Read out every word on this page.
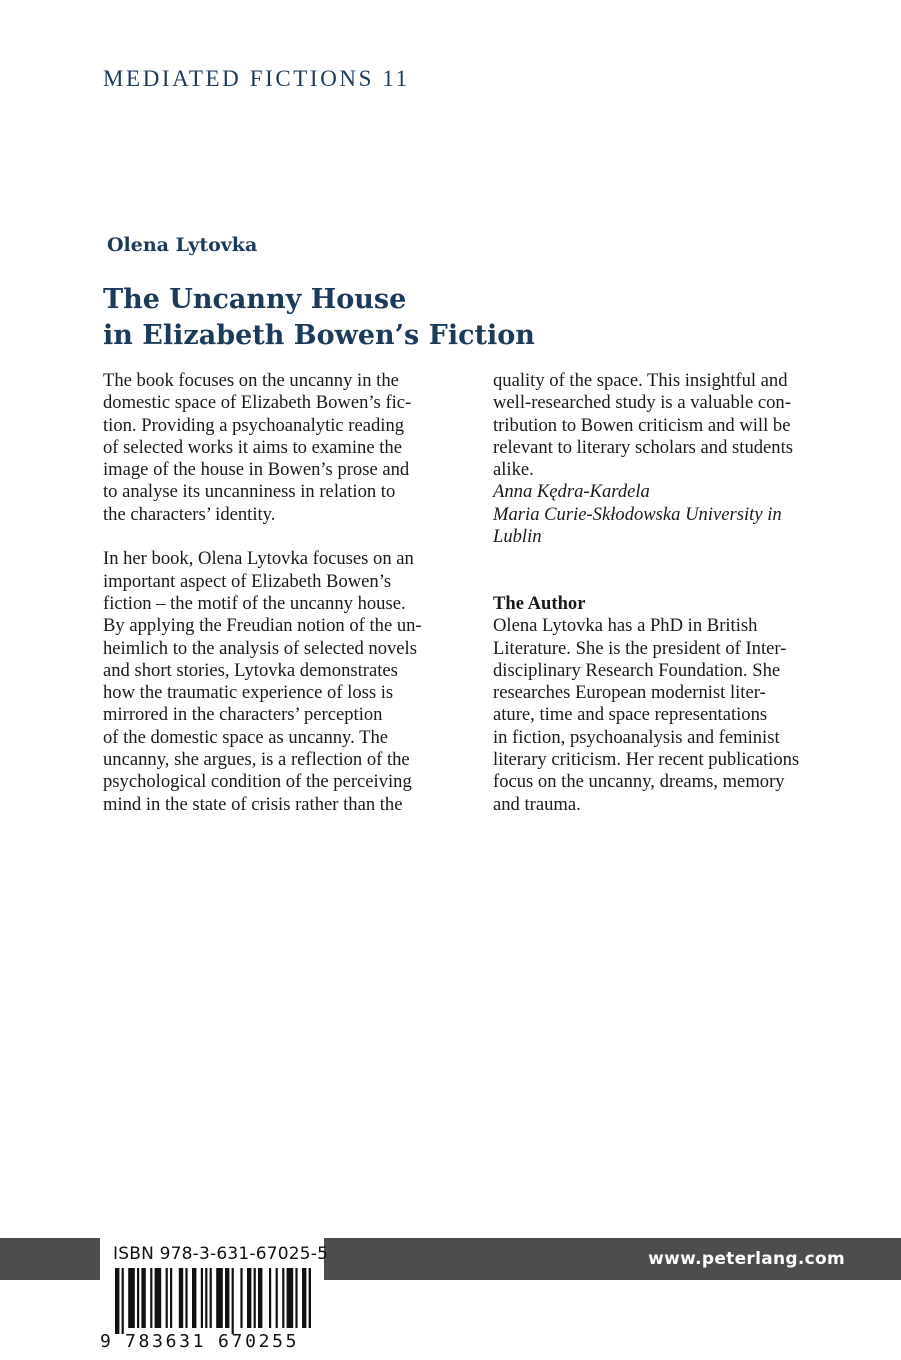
MEDIATED FICTIONS 11
Olena Lytovka
The Uncanny House
in Elizabeth Bowen’s Fiction
The book focuses on the uncanny in the
domestic space of Elizabeth Bowen’s fic-
tion. Providing a psychoanalytic reading
of selected works it aims to examine the
image of the house in Bowen’s prose and
to analyse its uncanniness in relation to
the characters’ identity.
In her book, Olena Lytovka focuses on an
important aspect of Elizabeth Bowen’s
fiction – the motif of the uncanny house.
By applying the Freudian notion of the un-
heimlich to the analysis of selected novels
and short stories, Lytovka demonstrates
how the traumatic experience of loss is
mirrored in the characters’ perception
of the domestic space as uncanny. The
uncanny, she argues, is a reflection of the
psychological condition of the perceiving
mind in the state of crisis rather than the
quality of the space. This insightful and
well-researched study is a valuable con-
tribution to Bowen criticism and will be
relevant to literary scholars and students
alike.
Anna Kędra-Kardela
Maria Curie-Skłodowska University in
Lublin
The Author
Olena Lytovka has a PhD in British
Literature. She is the president of Inter-
disciplinary Research Foundation. She
researches European modernist liter-
ature, time and space representations
in fiction, psychoanalysis and feminist
literary criticism. Her recent publications
focus on the uncanny, dreams, memory
and trauma.
www.peterlang.com
ISBN 978-3-631-67025-5
9 783631 670255
